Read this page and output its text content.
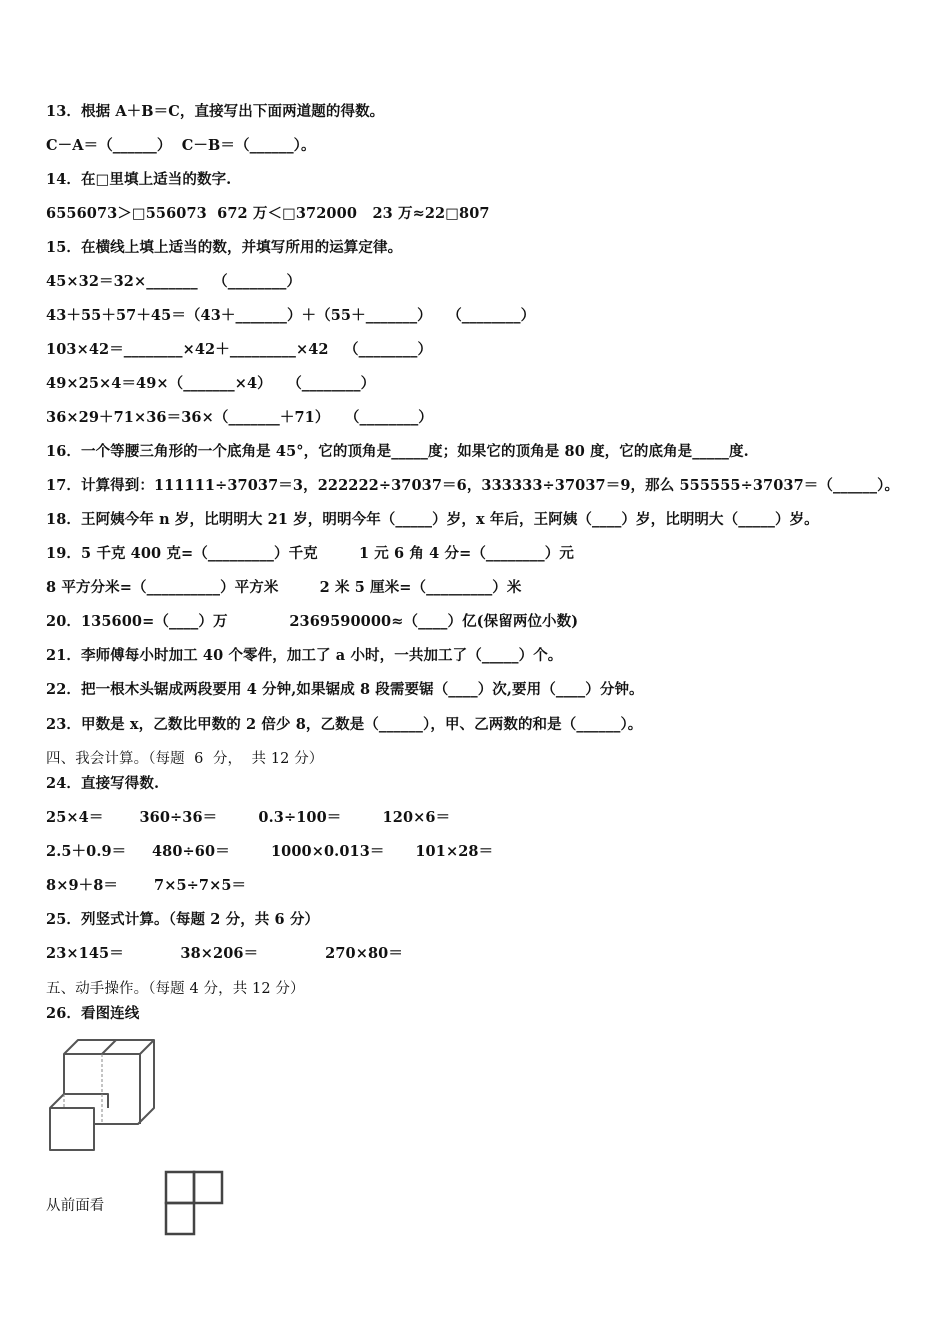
13．根据 A＋B＝C，直接写出下面两道题的得数。
C－A＝（______）  C－B＝（______）。
14．在□里填上适当的数字.
6556073＞□556073  672 万＜□372000   23 万≈22□807
15．在横线上填上适当的数，并填写所用的运算定律。
45×32＝32×_______   （________）
43＋55＋57＋45＝（43＋_______）＋（55＋_______）   （________）
103×42＝________×42＋_________×42   （________）
49×25×4＝49×（_______×4）   （________）
36×29＋71×36＝36×（_______＋71）   （________）
16．一个等腰三角形的一个底角是 45°，它的顶角是_____度；如果它的顶角是 80 度，它的底角是_____度.
17．计算得到：111111÷37037＝3，222222÷37037＝6，333333÷37037＝9，那么 555555÷37037＝（______）。
18．王阿姨今年 n 岁，比明明大 21 岁，明明今年（_____）岁，x 年后，王阿姨（____）岁，比明明大（_____）岁。
19．5 千克 400 克=（_________）千克        1 元 6 角 4 分=（________）元
8 平方分米=（__________）平方米        2 米 5 厘米=（_________）米
20．135600=（____）万            2369590000≈（____）亿(保留两位小数)
21．李师傅每小时加工 40 个零件，加工了 a 小时，一共加工了（_____）个。
22．把一根木头锯成两段要用 4 分钟,如果锯成 8 段需要锯（____）次,要用（____）分钟。
23．甲数是 x，乙数比甲数的 2 倍少 8，乙数是（______），甲、乙两数的和是（______）。
四、我会计算。（每题  6  分，  共 12 分）
24．直接写得数.
25×4＝       360÷36＝        0.3÷100＝        120×6＝
2.5＋0.9＝     480÷60＝        1000×0.013＝      101×28＝
8×9＋8＝       7×5÷7×5＝
25．列竖式计算。（每题 2 分，共 6 分）
23×145＝           38×206＝             270×80＝
五、动手操作。（每题 4 分，共 12 分）
26．看图连线
从前面看
